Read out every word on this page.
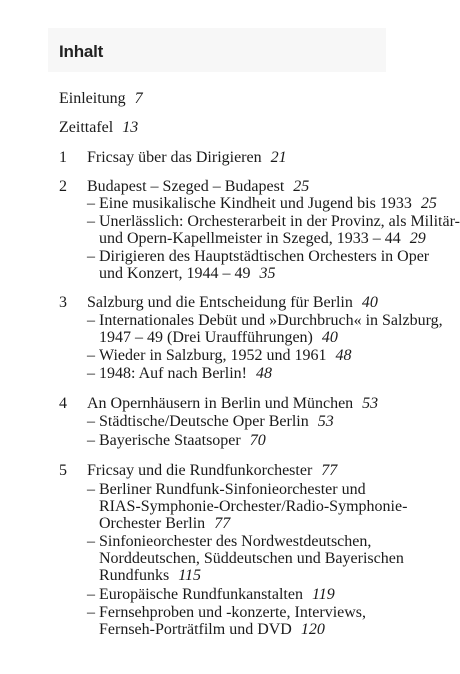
Inhalt
Einleitung 7
Zeittafel 13
1 Fricsay über das Dirigieren 21
2 Budapest – Szeged – Budapest 25
– Eine musikalische Kindheit und Jugend bis 1933 25
– Unerlässlich: Orchesterarbeit in der Provinz, als Militär-
und Opern-Kapellmeister in Szeged, 1933 – 44 29
– Dirigieren des Hauptstädtischen Orchesters in Oper
und Konzert, 1944 – 49 35
3 Salzburg und die Entscheidung für Berlin 40
– Internationales Debüt und »Durchbruch« in Salzburg,
1947 – 49 (Drei Uraufführungen) 40
– Wieder in Salzburg, 1952 und 1961 48
– 1948: Auf nach Berlin! 48
4 An Opernhäusern in Berlin und München 53
– Städtische/Deutsche Oper Berlin 53
– Bayerische Staatsoper 70
5 Fricsay und die Rundfunkorchester 77
– Berliner Rundfunk-Sinfonieorchester und
RIAS-Symphonie-Orchester/Radio-Symphonie-
Orchester Berlin 77
– Sinfonieorchester des Nordwestdeutschen,
Norddeutschen, Süddeutschen und Bayerischen
Rundfunks 115
– Europäische Rundfunkanstalten 119
– Fernsehproben und -konzerte, Interviews,
Fernseh-Porträtfilm und DVD 120
